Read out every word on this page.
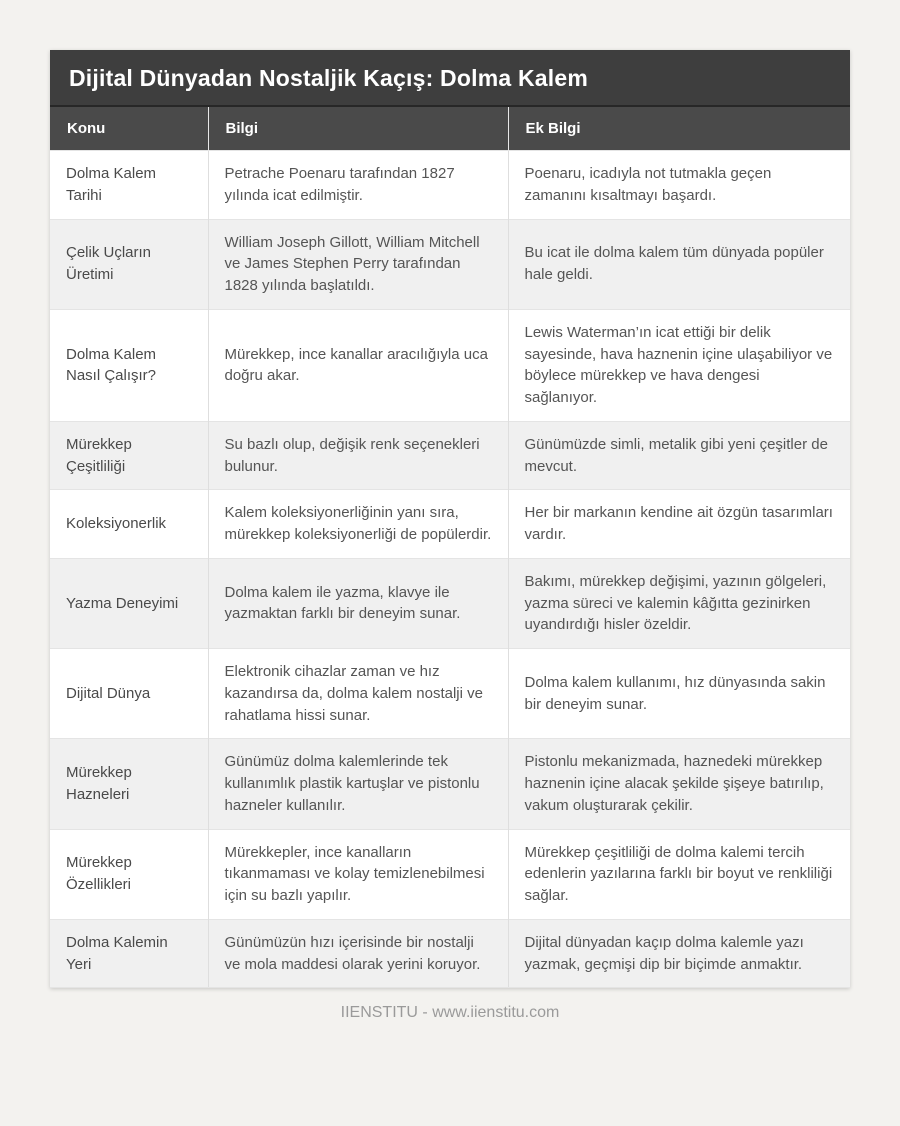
Dijital Dünyadan Nostaljik Kaçış: Dolma Kalem
Konu	Bilgi	Ek Bilgi
Dolma Kalem Tarihi	Petrache Poenaru tarafından 1827 yılında icat edilmiştir.	Poenaru, icadıyla not tutmakla geçen zamanını kısaltmayı başardı.
Çelik Uçların Üretimi	William Joseph Gillott, William Mitchell ve James Stephen Perry tarafından 1828 yılında başlatıldı.	Bu icat ile dolma kalem tüm dünyada popüler hale geldi.
Dolma Kalem Nasıl Çalışır?	Mürekkep, ince kanallar aracılığıyla uca doğru akar.	Lewis Waterman’ın icat ettiği bir delik sayesinde, hava haznenin içine ulaşabiliyor ve böylece mürekkep ve hava dengesi sağlanıyor.
Mürekkep Çeşitliliği	Su bazlı olup, değişik renk seçenekleri bulunur.	Günümüzde simli, metalik gibi yeni çeşitler de mevcut.
Koleksiyonerlik	Kalem koleksiyonerliğinin yanı sıra, mürekkep koleksiyonerliği de popülerdir.	Her bir markanın kendine ait özgün tasarımları vardır.
Yazma Deneyimi	Dolma kalem ile yazma, klavye ile yazmaktan farklı bir deneyim sunar.	Bakımı, mürekkep değişimi, yazının gölgeleri, yazma süreci ve kalemin kâğıtta gezinirken uyandırdığı hisler özeldir.
Dijital Dünya	Elektronik cihazlar zaman ve hız kazandırsa da, dolma kalem nostalji ve rahatlama hissi sunar.	Dolma kalem kullanımı, hız dünyasında sakin bir deneyim sunar.
Mürekkep Hazneleri	Günümüz dolma kalemlerinde tek kullanımlık plastik kartuşlar ve pistonlu hazneler kullanılır.	Pistonlu mekanizmada, haznedeki mürekkep haznenin içine alacak şekilde şişeye batırılıp, vakum oluşturarak çekilir.
Mürekkep Özellikleri	Mürekkepler, ince kanalların tıkanmaması ve kolay temizlenebilmesi için su bazlı yapılır.	Mürekkep çeşitliliği de dolma kalemi tercih edenlerin yazılarına farklı bir boyut ve renkliliği sağlar.
Dolma Kalemin Yeri	Günümüzün hızı içerisinde bir nostalji ve mola maddesi olarak yerini koruyor.	Dijital dünyadan kaçıp dolma kalemle yazı yazmak, geçmişi dip bir biçimde anmaktır.
IIENSTITU - www.iienstitu.com
